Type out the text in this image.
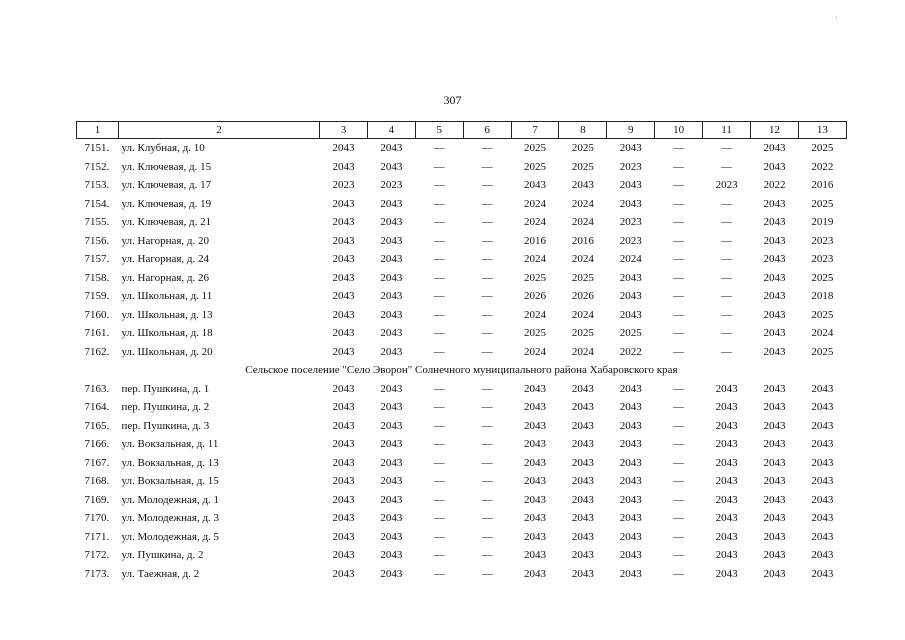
307
1	2	3	4	5	6	7	8	9	10	11	12	13
7151.	ул. Клубная, д. 10	2043	2043	—	—	2025	2025	2043	—	—	2043	2025
7152.	ул. Ключевая, д. 15	2043	2043	—	—	2025	2025	2023	—	—	2043	2022
7153.	ул. Ключевая, д. 17	2023	2023	—	—	2043	2043	2043	—	2023	2022	2016
7154.	ул. Ключевая, д. 19	2043	2043	—	—	2024	2024	2043	—	—	2043	2025
7155.	ул. Ключевая, д. 21	2043	2043	—	—	2024	2024	2023	—	—	2043	2019
7156.	ул. Нагорная, д. 20	2043	2043	—	—	2016	2016	2023	—	—	2043	2023
7157.	ул. Нагорная, д. 24	2043	2043	—	—	2024	2024	2024	—	—	2043	2023
7158.	ул. Нагорная, д. 26	2043	2043	—	—	2025	2025	2043	—	—	2043	2025
7159.	ул. Школьная, д. 11	2043	2043	—	—	2026	2026	2043	—	—	2043	2018
7160.	ул. Школьная, д. 13	2043	2043	—	—	2024	2024	2043	—	—	2043	2025
7161.	ул. Школьная, д. 18	2043	2043	—	—	2025	2025	2025	—	—	2043	2024
7162.	ул. Школьная, д. 20	2043	2043	—	—	2024	2024	2022	—	—	2043	2025
Сельское поселение "Село Эворон" Солнечного муниципального района Хабаровского края												
7163.	пер. Пушкина, д. 1	2043	2043	—	—	2043	2043	2043	—	2043	2043	2043
7164.	пер. Пушкина, д. 2	2043	2043	—	—	2043	2043	2043	—	2043	2043	2043
7165.	пер. Пушкина, д. 3	2043	2043	—	—	2043	2043	2043	—	2043	2043	2043
7166.	ул. Вокзальная, д. 11	2043	2043	—	—	2043	2043	2043	—	2043	2043	2043
7167.	ул. Вокзальная, д. 13	2043	2043	—	—	2043	2043	2043	—	2043	2043	2043
7168.	ул. Вокзальная, д. 15	2043	2043	—	—	2043	2043	2043	—	2043	2043	2043
7169.	ул. Молодежная, д. 1	2043	2043	—	—	2043	2043	2043	—	2043	2043	2043
7170.	ул. Молодежная, д. 3	2043	2043	—	—	2043	2043	2043	—	2043	2043	2043
7171.	ул. Молодежная, д. 5	2043	2043	—	—	2043	2043	2043	—	2043	2043	2043
7172.	ул. Пушкина, д. 2	2043	2043	—	—	2043	2043	2043	—	2043	2043	2043
7173.	ул. Таежная, д. 2	2043	2043	—	—	2043	2043	2043	—	2043	2043	2043
